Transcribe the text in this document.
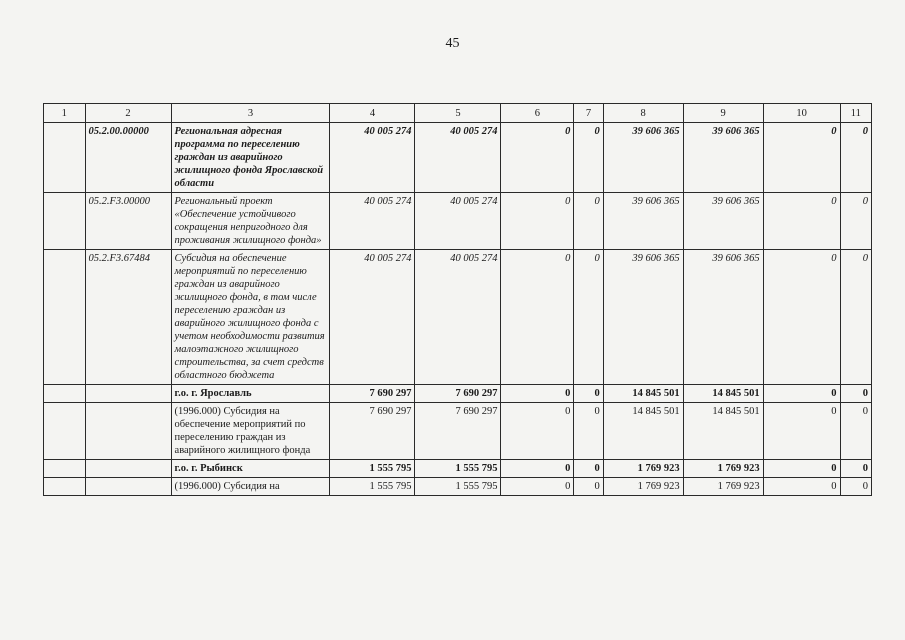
45
1	2	3	4	5	6	7	8	9	10	11
	05.2.00.00000	Региональная адресная программа по переселению граждан из аварийного жилищного фонда Ярославской области	40 005 274	40 005 274	0	0	39 606 365	39 606 365	0	0
	05.2.F3.00000	Региональный проект «Обеспечение устойчивого сокращения непригодного для проживания жилищного фонда»	40 005 274	40 005 274	0	0	39 606 365	39 606 365	0	0
	05.2.F3.67484	Субсидия на обеспечение мероприятий по переселению граждан из аварийного жилищного фонда, в том числе переселению граждан из аварийного жилищного фонда с учетом необходимости развития малоэтажного жилищного строительства, за счет средств областного бюджета	40 005 274	40 005 274	0	0	39 606 365	39 606 365	0	0
		г.о. г. Ярославль	7 690 297	7 690 297	0	0	14 845 501	14 845 501	0	0
		(1996.000) Субсидия на обеспечение мероприятий по переселению граждан из аварийного жилищного фонда	7 690 297	7 690 297	0	0	14 845 501	14 845 501	0	0
		г.о. г. Рыбинск	1 555 795	1 555 795	0	0	1 769 923	1 769 923	0	0
		(1996.000) Субсидия на	1 555 795	1 555 795	0	0	1 769 923	1 769 923	0	0
